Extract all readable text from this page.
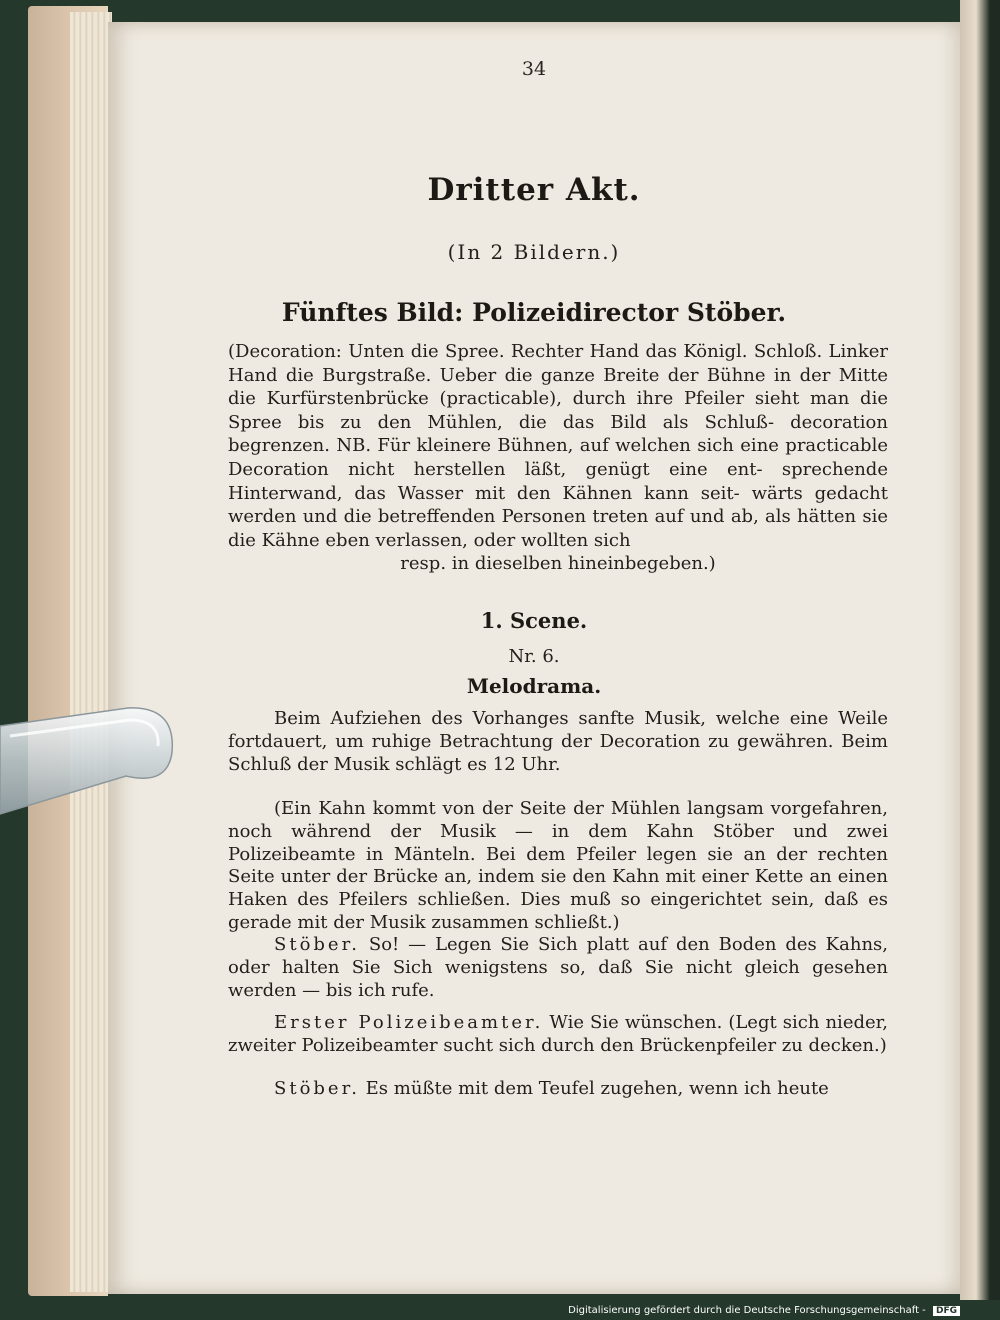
34
Dritter Akt.
(In 2 Bildern.)
Fünftes Bild: Polizeidirector Stöber.
(Decoration: Unten die Spree. Rechter Hand das Königl. Schloß. Linker Hand die Burgstraße. Ueber die ganze Breite der Bühne in der Mitte die Kurfürstenbrücke (practicable), durch ihre Pfeiler sieht man die Spree bis zu den Mühlen, die das Bild als Schluß- decoration begrenzen. NB. Für kleinere Bühnen, auf welchen sich eine practicable Decoration nicht herstellen läßt, genügt eine ent- sprechende Hinterwand, das Wasser mit den Kähnen kann seit- wärts gedacht werden und die betreffenden Personen treten auf und ab, als hätten sie die Kähne eben verlassen, oder wollten sich
resp. in dieselben hineinbegeben.)
1. Scene.
Nr. 6.
Melodrama.
Beim Aufziehen des Vorhanges sanfte Musik, welche eine Weile fortdauert, um ruhige Betrachtung der Decoration zu gewähren. Beim Schluß der Musik schlägt es 12 Uhr.
(Ein Kahn kommt von der Seite der Mühlen langsam vorgefahren, noch während der Musik — in dem Kahn Stöber und zwei Polizeibeamte in Mänteln. Bei dem Pfeiler legen sie an der rechten Seite unter der Brücke an, indem sie den Kahn mit einer Kette an einen Haken des Pfeilers schließen. Dies muß so eingerichtet sein, daß es gerade mit der Musik zusammen schließt.)
Stöber. So! — Legen Sie Sich platt auf den Boden des Kahns, oder halten Sie Sich wenigstens so, daß Sie nicht gleich gesehen werden — bis ich rufe.
Erster Polizeibeamter. Wie Sie wünschen. (Legt sich nieder, zweiter Polizeibeamter sucht sich durch den Brückenpfeiler zu decken.)
Stöber. Es müßte mit dem Teufel zugehen, wenn ich heute
Digitalisierung gefördert durch die Deutsche Forschungsgemeinschaft - DFG
